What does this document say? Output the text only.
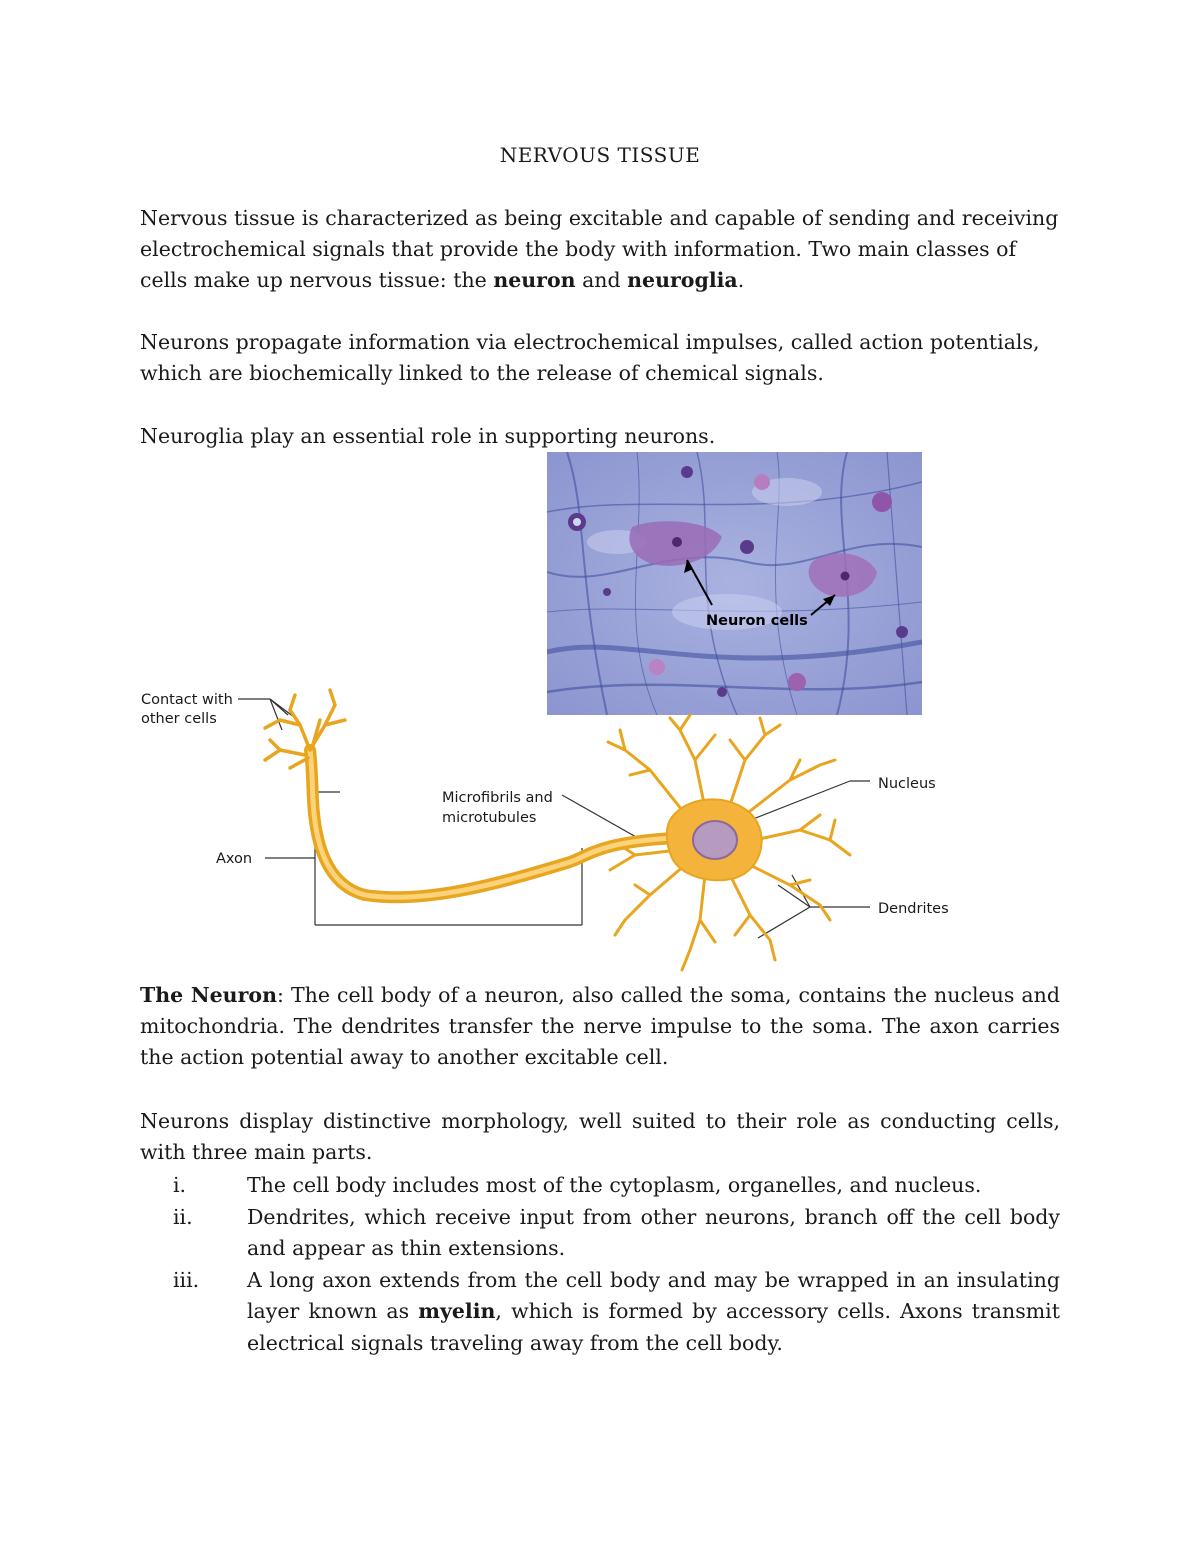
NERVOUS TISSUE

Nervous tissue is characterized as being excitable and capable of sending and receiving electrochemical signals that provide the body with information. Two main classes of cells make up nervous tissue: the neuron and neuroglia.

Neurons propagate information via electrochemical impulses, called action potentials, which are biochemically linked to the release of chemical signals.

Neuroglia play an essential role in supporting neurons.

Neuron cells
Contact with
other cells
Axon
Microfibrils and
microtubules
Nucleus
Dendrites

The Neuron: The cell body of a neuron, also called the soma, contains the nucleus and mitochondria. The dendrites transfer the nerve impulse to the soma. The axon carries the action potential away to another excitable cell.

Neurons display distinctive morphology, well suited to their role as conducting cells, with three main parts.

i.	The cell body includes most of the cytoplasm, organelles, and nucleus.
ii.	Dendrites, which receive input from other neurons, branch off the cell body and appear as thin extensions.
iii. A long axon extends from the cell body and may be wrapped in an insulating layer known as myelin, which is formed by accessory cells. Axons transmit electrical signals traveling away from the cell body.
